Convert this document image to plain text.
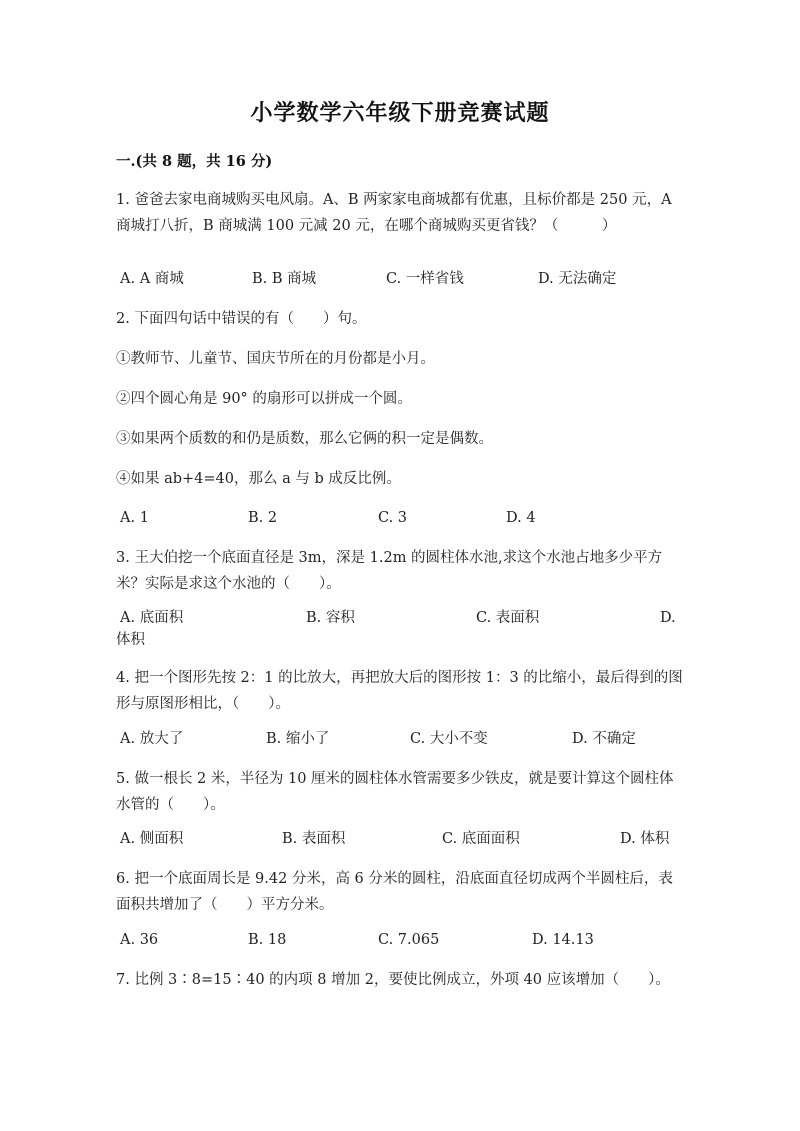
小学数学六年级下册竞赛试题
一.(共 8 题，共 16 分)
1. 爸爸去家电商城购买电风扇。A、B 两家家电商城都有优惠，且标价都是 250 元，A 商城打八折，B 商城满 100 元减 20 元，在哪个商城购买更省钱？（　　　）
A. A 商城	B. B 商城	C. 一样省钱	D. 无法确定
2. 下面四句话中错误的有（　　）句。
①教师节、儿童节、国庆节所在的月份都是小月。
②四个圆心角是 90° 的扇形可以拼成一个圆。
③如果两个质数的和仍是质数，那么它俩的积一定是偶数。
④如果 ab+4=40，那么 a 与 b 成反比例。
A. 1	B. 2	C. 3	D. 4
3. 王大伯挖一个底面直径是 3m，深是 1.2m 的圆柱体水池,求这个水池占地多少平方米？实际是求这个水池的（　　）。
A. 底面积	B. 容积	C. 表面积	D.
体积
4. 把一个图形先按 2：1 的比放大，再把放大后的图形按 1：3 的比缩小，最后得到的图形与原图形相比，（　　）。
A. 放大了	B. 缩小了	C. 大小不变	D. 不确定
5. 做一根长 2 米，半径为 10 厘米的圆柱体水管需要多少铁皮，就是要计算这个圆柱体水管的（　　）。
A. 侧面积	B. 表面积	C. 底面面积	D. 体积
6. 把一个底面周长是 9.42 分米，高 6 分米的圆柱，沿底面直径切成两个半圆柱后，表面积共增加了（　　）平方分米。
A. 36	B. 18	C. 7.065	D. 14.13
7. 比例 3∶8=15∶40 的内项 8 增加 2，要使比例成立，外项 40 应该增加（　　）。
